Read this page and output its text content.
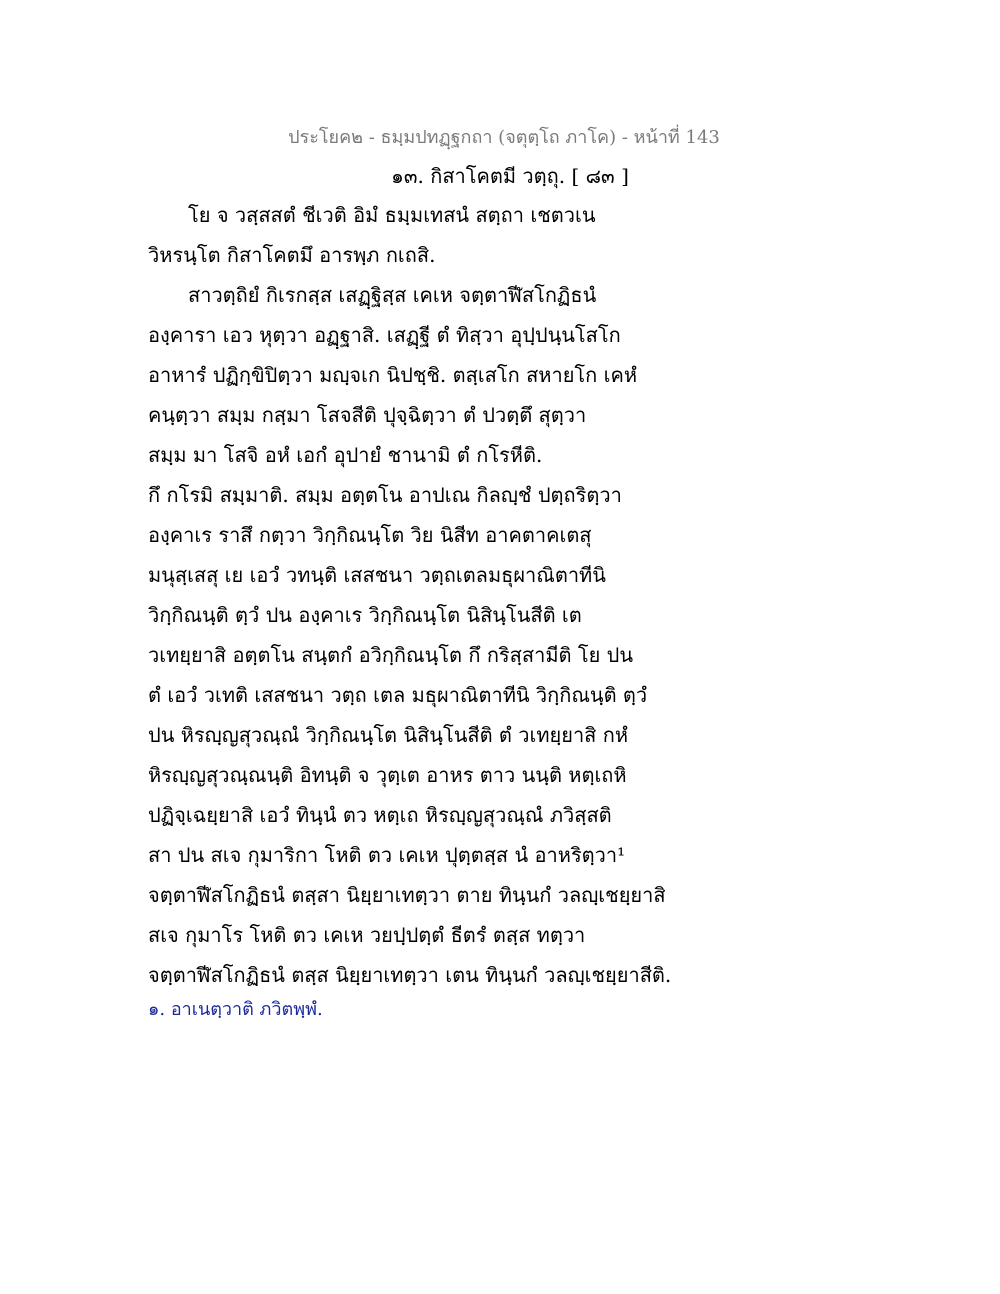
ประโยค๒ - ธมฺมปทฏฺฐกถา (จตุตฺโถ ภาโค) - หน้าที่ 143
๑๓. กิสาโคตมี วตฺถุ. [ ๘๓ ]
โย จ วสฺสสตํ ชีเวติ อิมํ ธมฺมเทสนํ สตฺถา เชตวเน
วิหรนฺโต กิสาโคตมึ อารพฺภ กเถสิ.
สาวตฺถิยํ กิเรกสฺส เสฏฺฐิสฺส เคเห จตฺตาฬีสโกฏิธนํ
องฺคารา เอว หุตฺวา อฏฺฐาสิ. เสฏฺฐี ตํ ทิสฺวา อุปฺปนฺนโสโก
อาหารํ ปฏิกฺขิปิตฺวา มญฺจเก นิปชฺชิ. ตสฺเสโก สหายโก เคหํ
คนฺตฺวา สมฺม กสฺมา โสจสีติ ปุจฺฉิตฺวา ตํ ปวตฺตึ สุตฺวา
สมฺม มา โสจิ อหํ เอกํ อุปายํ ชานามิ ตํ กโรหีติ.
กึ กโรมิ สมฺมาติ. สมฺม อตฺตโน อาปเณ กิลญฺชํ ปตฺถริตฺวา
องฺคาเร ราสึ กตฺวา วิกฺกิณนฺโต วิย นิสีท อาคตาคเตสุ
มนุสฺเสสุ เย เอวํ วทนฺติ เสสชนา วตฺถเตลมธุผาณิตาทีนิ
วิกฺกิณนฺติ ตฺวํ ปน องฺคาเร วิกฺกิณนฺโต นิสินฺโนสีติ เต
วเทยฺยาสิ อตฺตโน สนฺตกํ อวิกฺกิณนฺโต กึ กริสฺสามีติ โย ปน
ตํ เอวํ วเทติ เสสชนา วตฺถ เตล มธุผาณิตาทีนิ วิกฺกิณนฺติ ตฺวํ
ปน หิรญฺญสุวณฺณํ วิกฺกิณนฺโต นิสินฺโนสีติ ตํ วเทยฺยาสิ กหํ
หิรญฺญสุวณฺณนฺติ อิทนฺติ จ วุตฺเต อาหร ตาว นนฺติ หตฺเถหิ
ปฏิจฺเฉยฺยาสิ เอวํ ทินฺนํ ตว หตฺเถ หิรญฺญสุวณฺณํ ภวิสฺสติ
สา ปน สเจ กุมาริกา โหติ ตว เคเห ปุตฺตสฺส นํ อาหริตฺวา¹
จตฺตาฬีสโกฏิธนํ ตสฺสา นิยฺยาเทตฺวา ตาย ทินฺนกํ วลญฺเชยฺยาสิ
สเจ กุมาโร โหติ ตว เคเห วยปฺปตฺตํ ธีตรํ ตสฺส ทตฺวา
จตฺตาฬีสโกฏิธนํ ตสฺส นิยฺยาเทตฺวา เตน ทินฺนกํ วลญฺเชยฺยาสีติ.
๑. อาเนตฺวาติ ภวิตพฺพํ.
